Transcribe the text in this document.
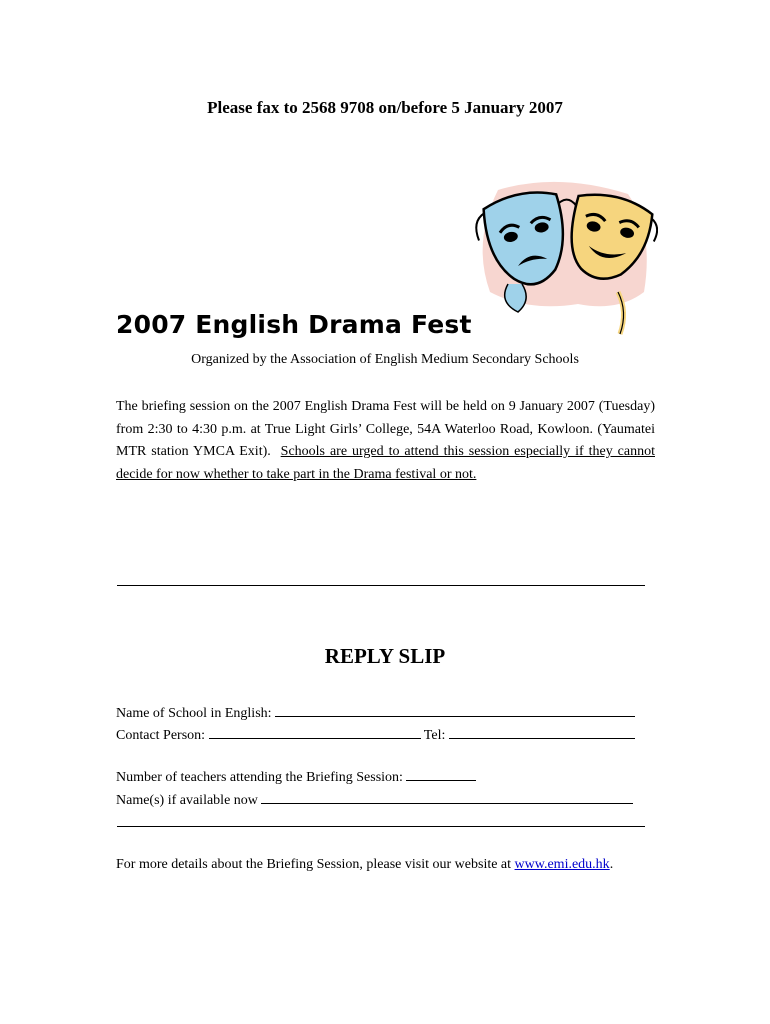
Please fax to 2568 9708 on/before 5 January 2007
2007 English Drama Fest
Organized by the Association of English Medium Secondary Schools
The briefing session on the 2007 English Drama Fest will be held on 9 January 2007 (Tuesday) from 2:30 to 4:30 p.m. at True Light Girls’ College, 54A Waterloo Road, Kowloon. (Yaumatei MTR station YMCA Exit). Schools are urged to attend this session especially if they cannot decide for now whether to take part in the Drama festival or not.
REPLY SLIP
Name of School in English:
Contact Person:	Tel:
Number of teachers attending the Briefing Session:
Name(s) if available now
For more details about the Briefing Session, please visit our website at www.emi.edu.hk.
